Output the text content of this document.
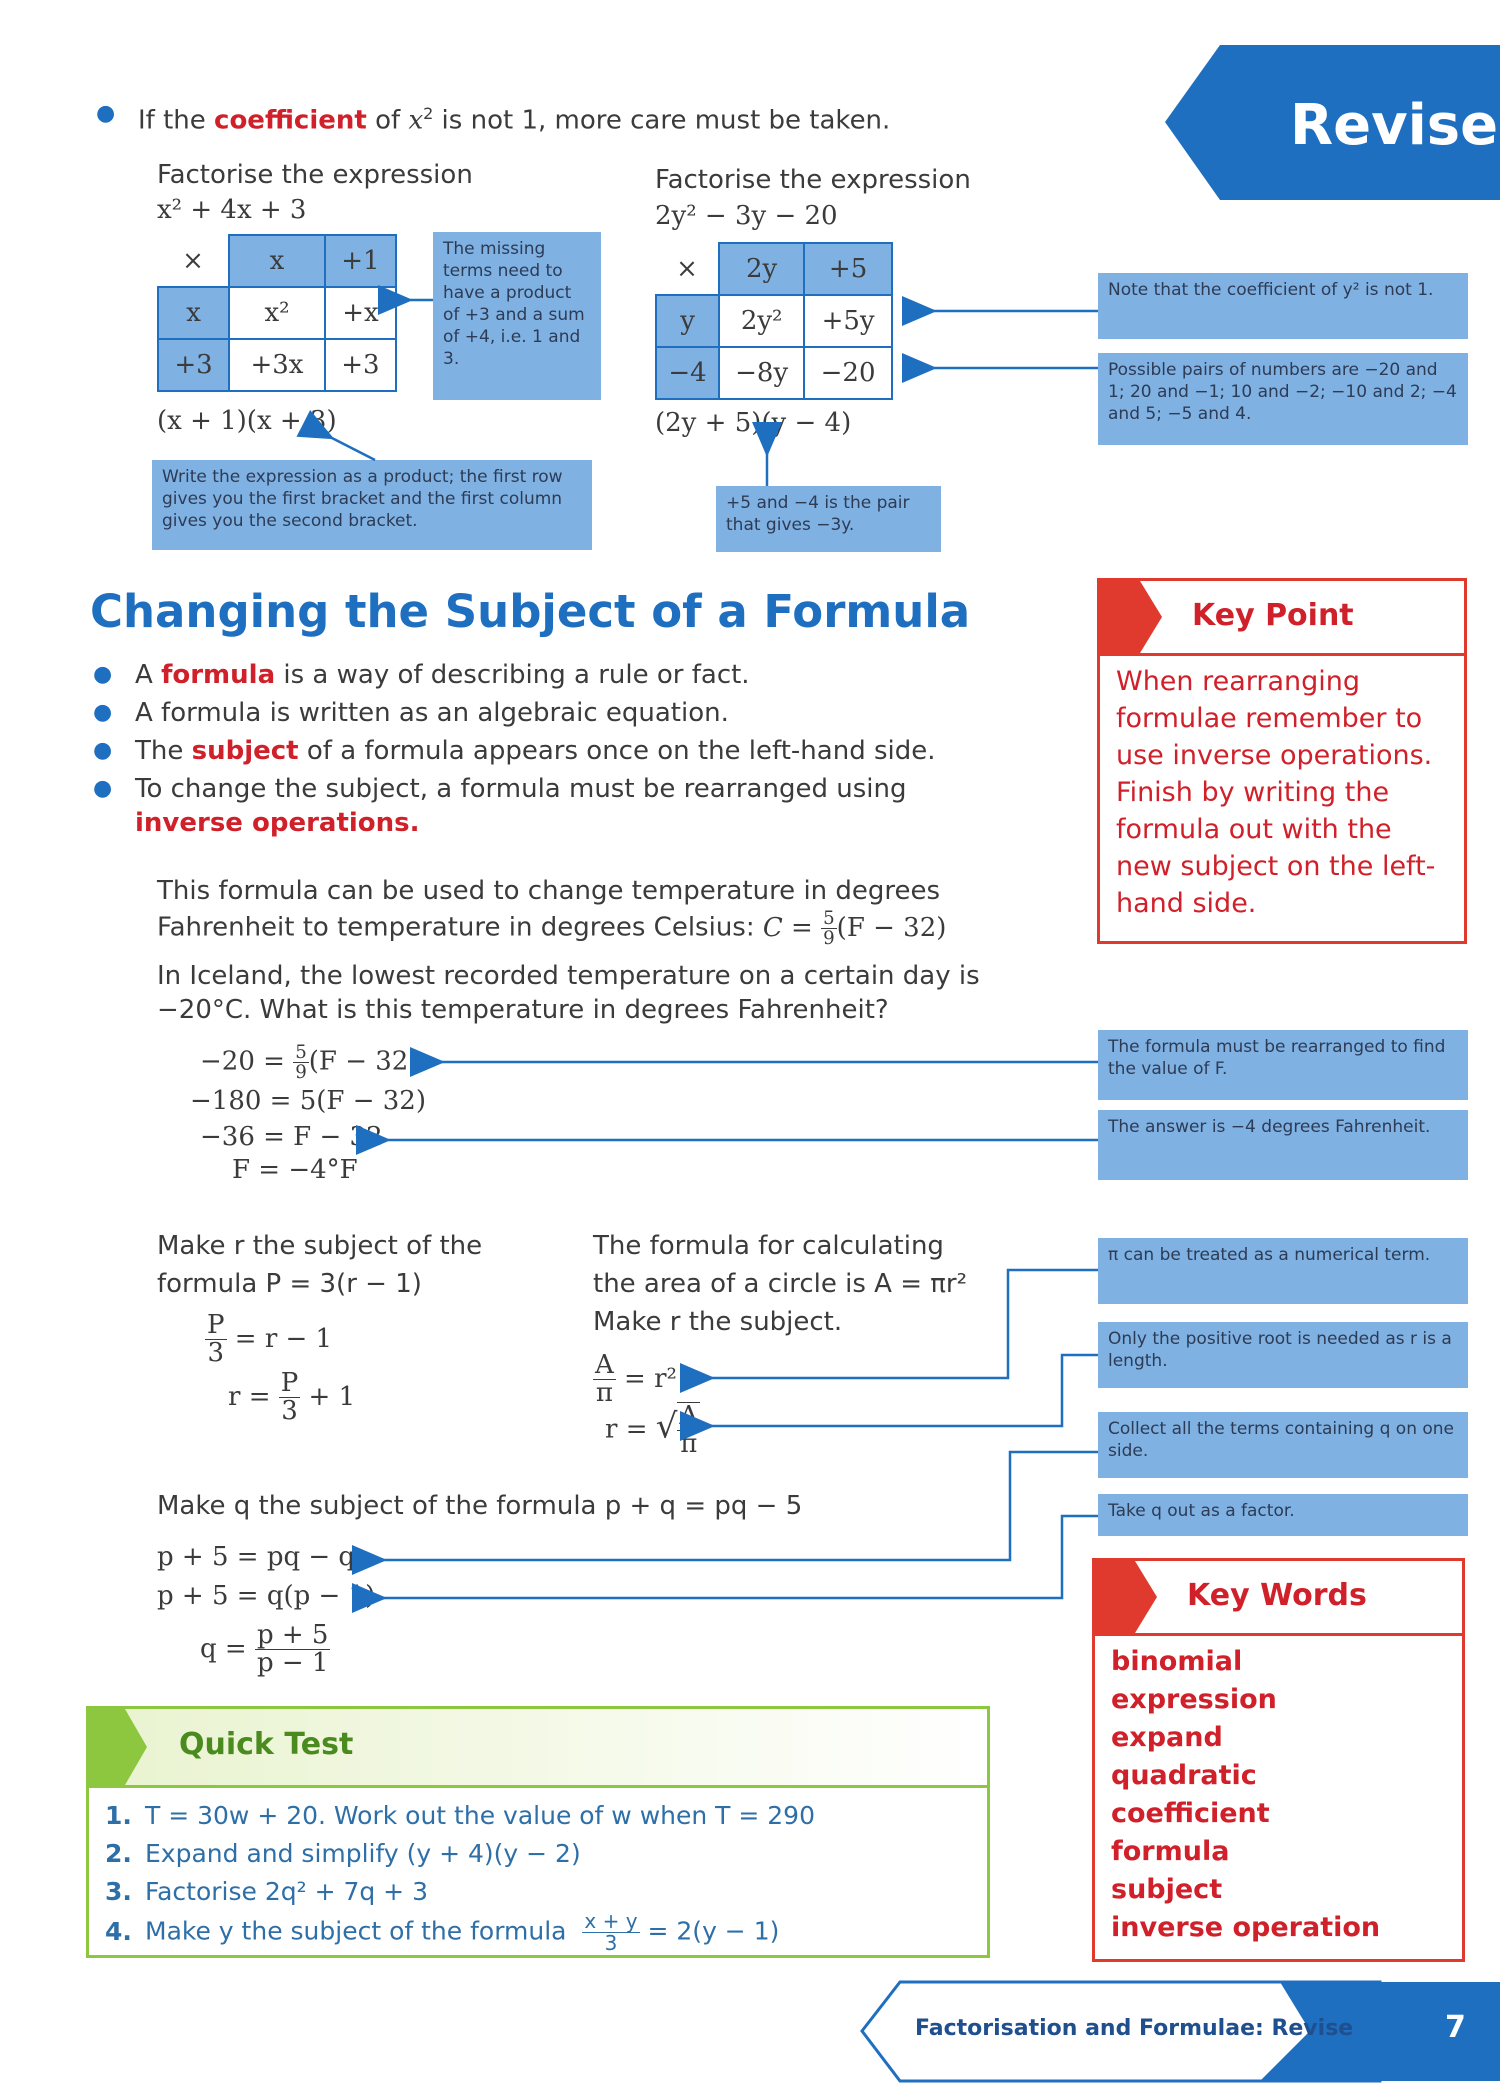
Revise
● If the coefficient of $x^2$ is not 1, more care must be taken.
Factorise the expression
x² + 4x + 3
×	x	+1
x	x²	+x
+3	+3x	+3
The missing terms need to have a product of +3 and a sum of +4, i.e. 1 and 3.
(x + 1)(x + 3)
Write the expression as a product; the first row gives you the first bracket and the first column gives you the second bracket.
Factorise the expression
2y² − 3y − 20
×	2y	+5
y	2y²	+5y
−4	−8y	−20
(2y + 5)(y − 4)
+5 and −4 is the pair that gives −3y.
Note that the coefficient of y² is not 1.
Possible pairs of numbers are −20 and 1; 20 and −1; 10 and −2; −10 and 2; −4 and 5; −5 and 4.
Changing the Subject of a Formula
● A formula is a way of describing a rule or fact.
● A formula is written as an algebraic equation.
● The subject of a formula appears once on the left-hand side.
● To change the subject, a formula must be rearranged using
inverse operations.
Key Point
When rearranging formulae remember to use inverse operations. Finish by writing the formula out with the new subject on the left-hand side.
This formula can be used to change temperature in degrees
Fahrenheit to temperature in degrees Celsius: $C = \frac{5}{9} (F - 32)$
In Iceland, the lowest recorded temperature on a certain day is
−20°C. What is this temperature in degrees Fahrenheit?
$-20 = \frac{5}{9} (F - 32)$
−180 = 5(F − 32)
−36 = F − 32
F = −4°F
The formula must be rearranged to find the value of F.
The answer is −4 degrees Fahrenheit.
Make r the subject of the
formula P = 3(r − 1)
$\frac{P}{3} = r - 1$
$r = \frac{P}{3} + 1$
The formula for calculating
the area of a circle is A = πr²
Make r the subject.
$\frac{A}{\pi} = r^2$
r = √ $\frac{A}{\pi}$
π can be treated as a numerical term.
Only the positive root is needed as r is a length.
Make q the subject of the formula p + q = pq − 5
p + 5 = pq − q
p + 5 = q(p − 1)
$q = \frac{p + 5}{p - 1}$
Collect all the terms containing q on one side.
Take q out as a factor.
Quick Test
1. T = 30w + 20. Work out the value of w when T = 290
2. Expand and simplify (y + 4)(y − 2)
3. Factorise 2q² + 7q + 3
4. Make y the subject of the formula $\frac{x + y}{3} = 2(y - 1)$
Key Words
binomial
expression
expand
quadratic
coefficient
formula
subject
inverse operation
Factorisation and Formulae: Revise	7
